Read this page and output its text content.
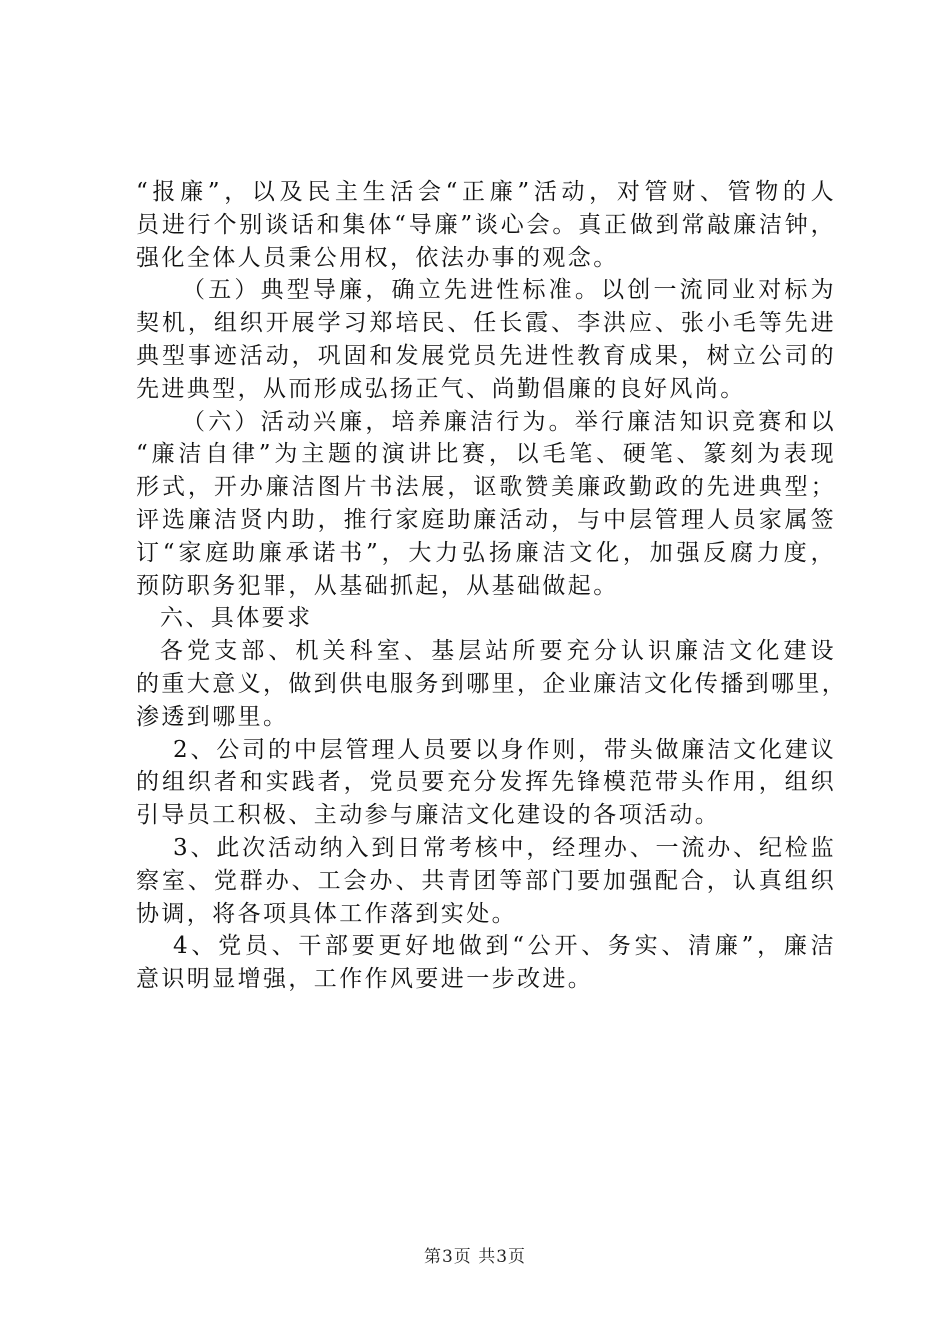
“报廉”，以及民主生活会“正廉”活动，对管财、管物的人
员进行个别谈话和集体“导廉”谈心会。真正做到常敲廉洁钟，
强化全体人员秉公用权，依法办事的观念。
（五）典型导廉，确立先进性标准。以创一流同业对标为
契机，组织开展学习郑培民、任长霞、李洪应、张小毛等先进
典型事迹活动，巩固和发展党员先进性教育成果，树立公司的
先进典型，从而形成弘扬正气、尚勤倡廉的良好风尚。
（六）活动兴廉，培养廉洁行为。举行廉洁知识竞赛和以
“廉洁自律”为主题的演讲比赛，以毛笔、硬笔、篆刻为表现
形式，开办廉洁图片书法展，讴歌赞美廉政勤政的先进典型；
评选廉洁贤内助，推行家庭助廉活动，与中层管理人员家属签
订“家庭助廉承诺书”，大力弘扬廉洁文化，加强反腐力度，
预防职务犯罪，从基础抓起，从基础做起。
六、具体要求
各党支部、机关科室、基层站所要充分认识廉洁文化建设
的重大意义，做到供电服务到哪里，企业廉洁文化传播到哪里，
渗透到哪里。
2、公司的中层管理人员要以身作则，带头做廉洁文化建议
的组织者和实践者，党员要充分发挥先锋模范带头作用，组织
引导员工积极、主动参与廉洁文化建设的各项活动。
3、此次活动纳入到日常考核中，经理办、一流办、纪检监
察室、党群办、工会办、共青团等部门要加强配合，认真组织
协调，将各项具体工作落到实处。
4、党员、干部要更好地做到“公开、务实、清廉”，廉洁
意识明显增强，工作作风要进一步改进。
第3页 共3页
